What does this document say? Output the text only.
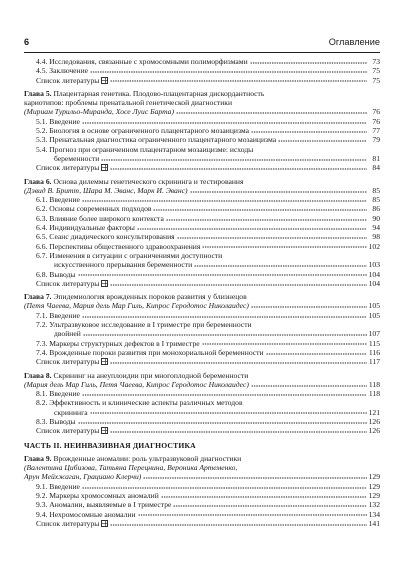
6	Оглавление
4.4. Исследования, связанные с хромосомными полиморфизмами	73
4.5. Заключение	75
Список литературы	75
Глава 5. Плацентарная генетика. Плодово-плацентарная дискордантность
кариотипов: проблемы пренатальной генетической диагностики
(Мириам Турильо-Миранда, Хосе Луис Барта)	76
5.1. Введение	76
5.2. Биология в основе ограниченного плацентарного мозаицизма	77
5.3. Пренатальная диагностика ограниченного плацентарного мозаицизма	79
5.4. Прогноз при ограниченном плацентарном мозаицизме: исходы
беременности	81
Список литературы	84
Глава 6. Основа дилеммы генетического скрининга и тестирования
(Дэвид В. Бритт, Шара М. Эванс, Марк И. Эванс)	85
6.1. Введение	85
6.2. Основы современных подходов	86
6.3. Влияние более широкого контекста	90
6.4. Индивидуальные факторы	94
6.5. Сеанс диадического консультирования	98
6.6. Перспективы общественного здравоохранения	102
6.7. Изменения в ситуации с ограничениями доступности
искусственного прерывания беременности	103
6.8. Выводы	104
Список литературы	104
Глава 7. Эпидемиология врожденных пороков развития у близнецов
(Петя Чаеева, Мария дель Мар Гиль, Кипрос Геродотос Николаидес)	105
7.1. Введение	105
7.2. Ультразвуковое исследование в I триместре при беременности
двойней	107
7.3. Маркеры структурных дефектов в I триместре	115
7.4. Врожденные пороки развития при монохориальной беременности	116
Список литературы	117
Глава 8. Скрининг на анеуплоидии при многоплодной беременности
(Мария дель Мар Гиль, Петя Чаеева, Кипрос Геродотос Николаидес)	118
8.1. Введение	118
8.2. Эффективность и клинические аспекты различных методов
скрининга	121
8.3. Выводы	126
Список литературы	126
ЧАСТЬ II. НЕИНВАЗИВНАЯ ДИАГНОСТИКА
Глава 9. Врожденные аномалии: роль ультразвуковой диагностики
(Валентина Цибизова, Татьяна Перецнина, Вероника Артеменко,
Арун Мейхжаган, Грациано Клерчи)	129
9.1. Введение	129
9.2. Маркеры хромосомных аномалий	129
9.3. Аномалии, выявляемые в I триместре	132
9.4. Нехромосомные аномалии	134
Список литературы	141
